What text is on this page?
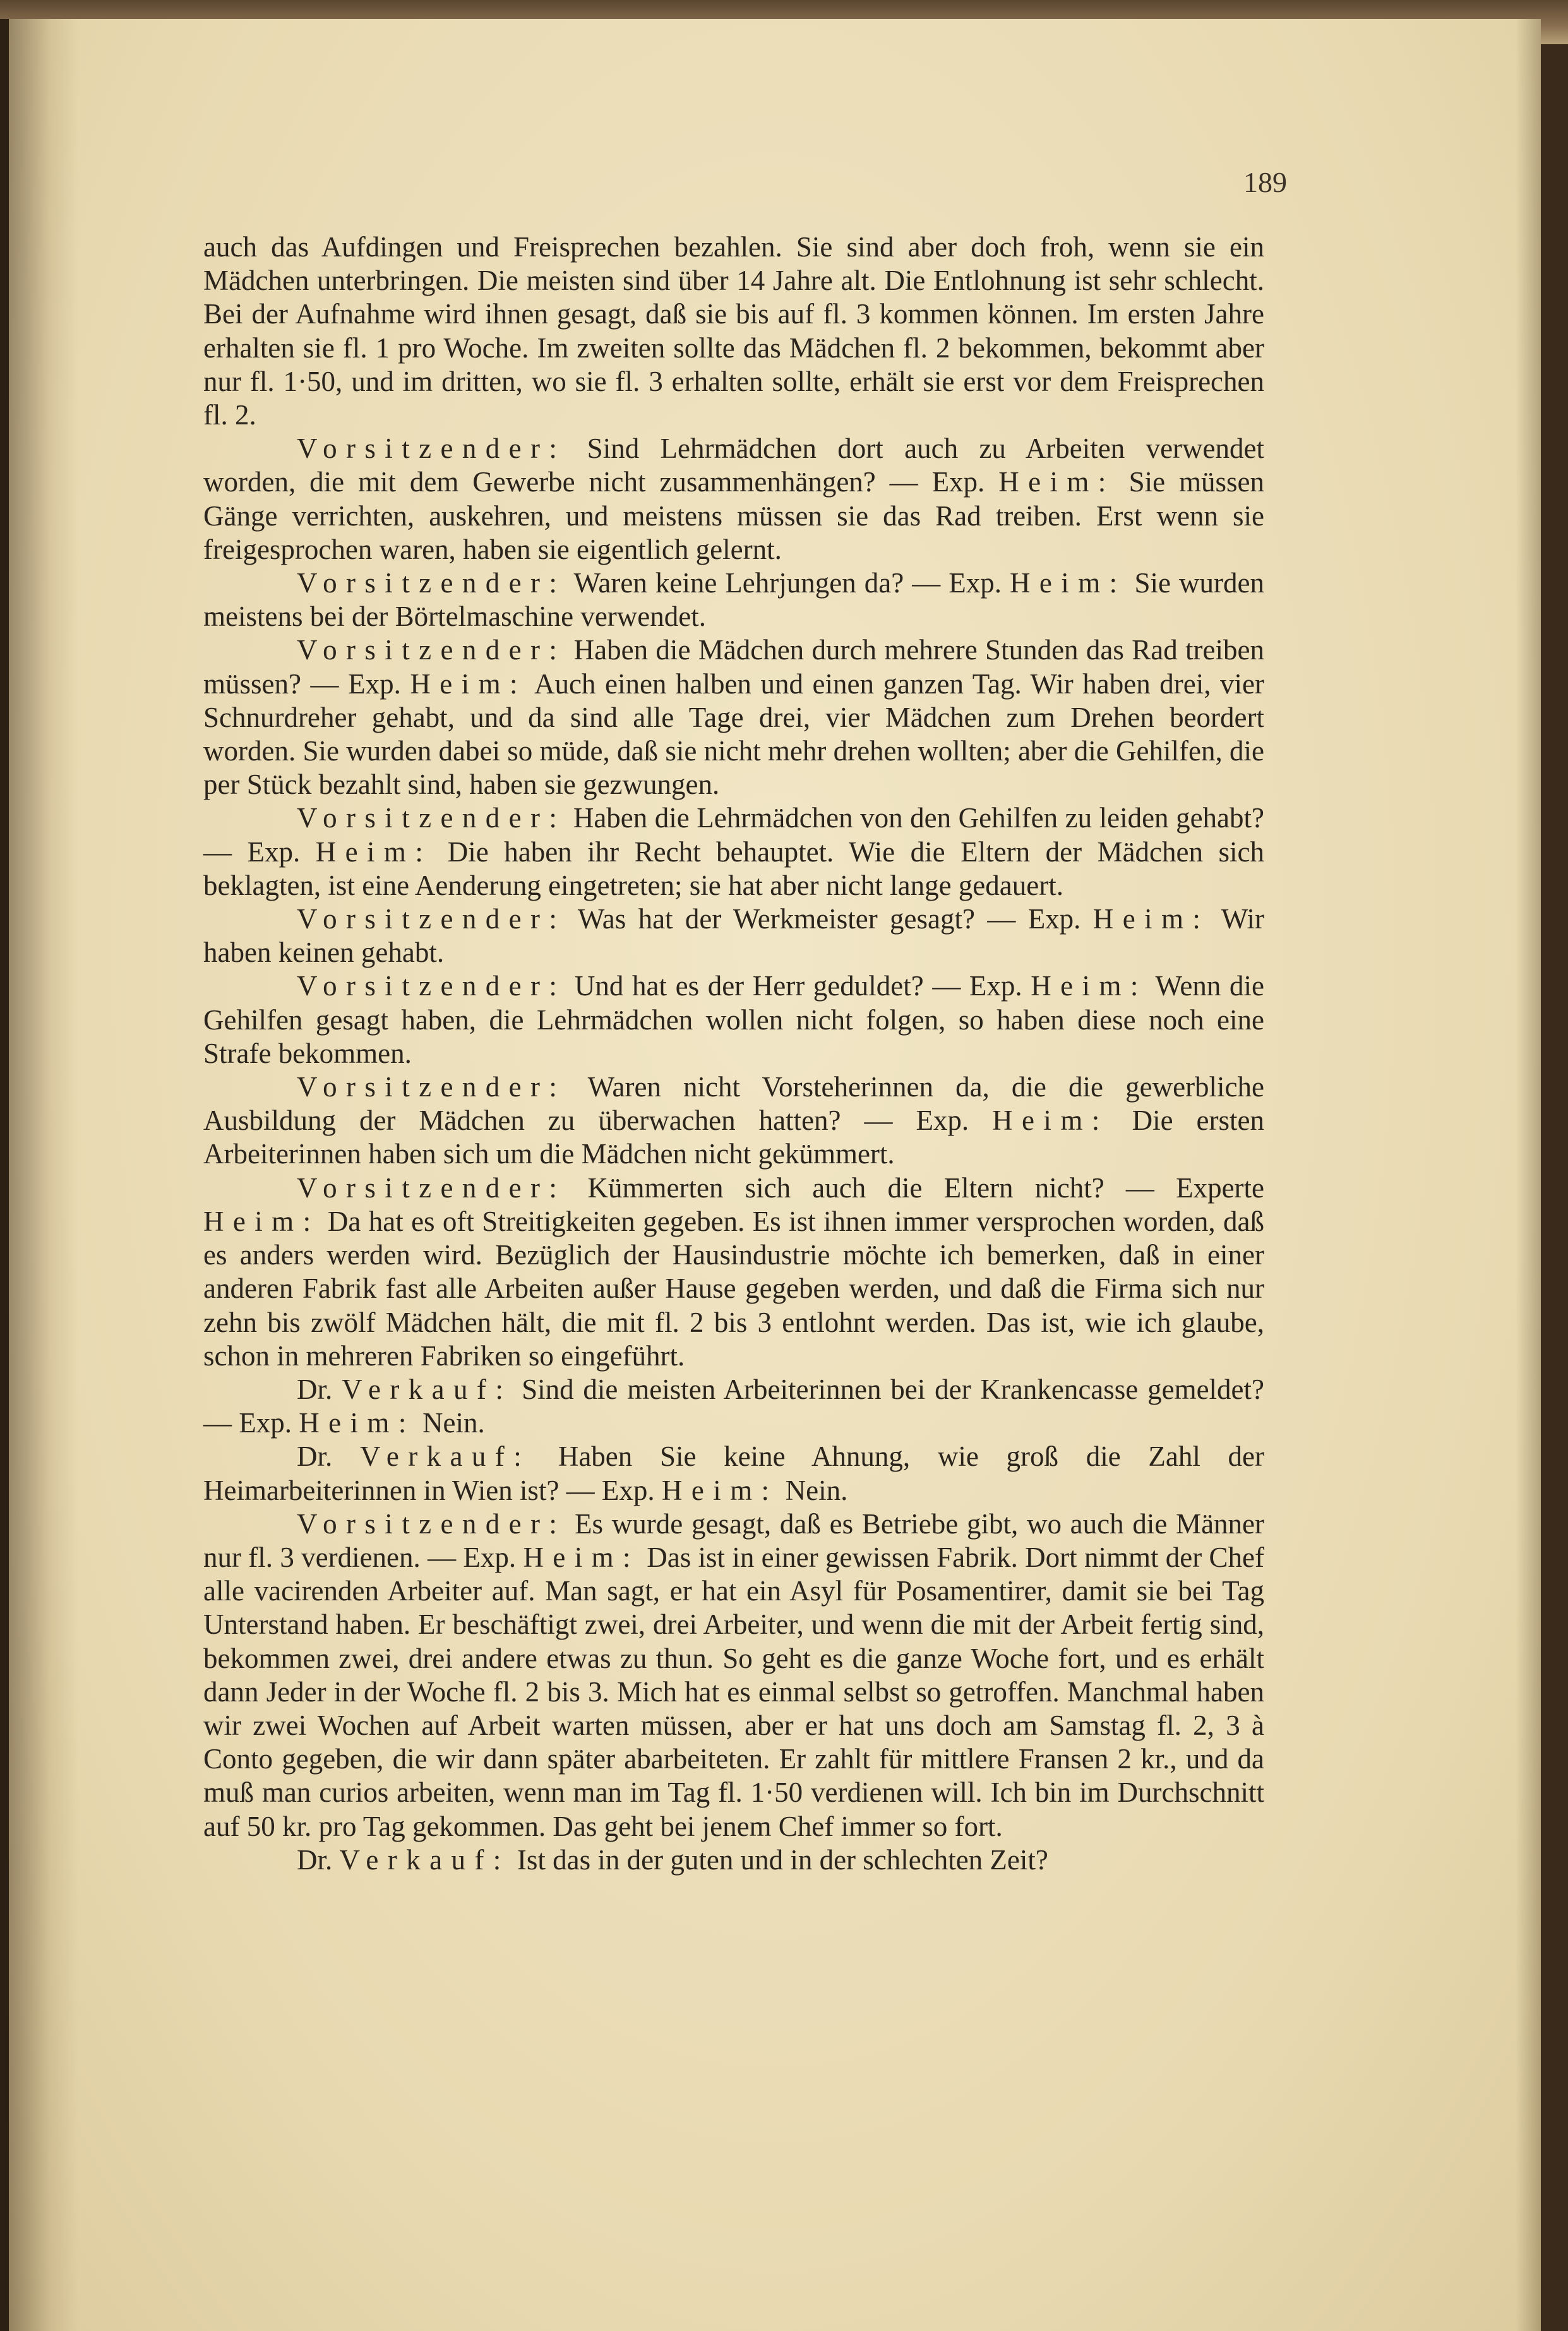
189

auch das Aufdingen und Freisprechen bezahlen. Sie sind aber doch froh, wenn sie ein Mädchen unterbringen. Die meisten sind über 14 Jahre alt. Die Entlohnung ist sehr schlecht. Bei der Aufnahme wird ihnen gesagt, daß sie bis auf fl. 3 kommen können. Im ersten Jahre erhalten sie fl. 1 pro Woche. Im zweiten sollte das Mädchen fl. 2 bekommen, bekommt aber nur fl. 1·50, und im dritten, wo sie fl. 3 erhalten sollte, erhält sie erst vor dem Freisprechen fl. 2.

Vorsitzender: Sind Lehrmädchen dort auch zu Arbeiten verwendet worden, die mit dem Gewerbe nicht zusammenhängen? — Exp. Heim: Sie müssen Gänge verrichten, auskehren, und meistens müssen sie das Rad treiben. Erst wenn sie freigesprochen waren, haben sie eigentlich gelernt.

Vorsitzender: Waren keine Lehrjungen da? — Exp. Heim: Sie wurden meistens bei der Börtelmaschine verwendet.

Vorsitzender: Haben die Mädchen durch mehrere Stunden das Rad treiben müssen? — Exp. Heim: Auch einen halben und einen ganzen Tag. Wir haben drei, vier Schnurdreher gehabt, und da sind alle Tage drei, vier Mädchen zum Drehen beordert worden. Sie wurden dabei so müde, daß sie nicht mehr drehen wollten; aber die Gehilfen, die per Stück bezahlt sind, haben sie gezwungen.

Vorsitzender: Haben die Lehrmädchen von den Gehilfen zu leiden gehabt? — Exp. Heim: Die haben ihr Recht behauptet. Wie die Eltern der Mädchen sich beklagten, ist eine Aenderung eingetreten; sie hat aber nicht lange gedauert.

Vorsitzender: Was hat der Werkmeister gesagt? — Exp. Heim: Wir haben keinen gehabt.

Vorsitzender: Und hat es der Herr geduldet? — Exp. Heim: Wenn die Gehilfen gesagt haben, die Lehrmädchen wollen nicht folgen, so haben diese noch eine Strafe bekommen.

Vorsitzender: Waren nicht Vorsteherinnen da, die die gewerbliche Ausbildung der Mädchen zu überwachen hatten? — Exp. Heim: Die ersten Arbeiterinnen haben sich um die Mädchen nicht gekümmert.

Vorsitzender: Kümmerten sich auch die Eltern nicht? — Experte Heim: Da hat es oft Streitigkeiten gegeben. Es ist ihnen immer versprochen worden, daß es anders werden wird. Bezüglich der Hausindustrie möchte ich bemerken, daß in einer anderen Fabrik fast alle Arbeiten außer Hause gegeben werden, und daß die Firma sich nur zehn bis zwölf Mädchen hält, die mit fl. 2 bis 3 entlohnt werden. Das ist, wie ich glaube, schon in mehreren Fabriken so eingeführt.

Dr. Verkauf: Sind die meisten Arbeiterinnen bei der Krankencasse gemeldet? — Exp. Heim: Nein.

Dr. Verkauf: Haben Sie keine Ahnung, wie groß die Zahl der Heimarbeiterinnen in Wien ist? — Exp. Heim: Nein.

Vorsitzender: Es wurde gesagt, daß es Betriebe gibt, wo auch die Männer nur fl. 3 verdienen. — Exp. Heim: Das ist in einer gewissen Fabrik. Dort nimmt der Chef alle vacirenden Arbeiter auf. Man sagt, er hat ein Asyl für Posamentirer, damit sie bei Tag Unterstand haben. Er beschäftigt zwei, drei Arbeiter, und wenn die mit der Arbeit fertig sind, bekommen zwei, drei andere etwas zu thun. So geht es die ganze Woche fort, und es erhält dann Jeder in der Woche fl. 2 bis 3. Mich hat es einmal selbst so getroffen. Manchmal haben wir zwei Wochen auf Arbeit warten müssen, aber er hat uns doch am Samstag fl. 2, 3 à Conto gegeben, die wir dann später abarbeiteten. Er zahlt für mittlere Fransen 2 kr., und da muß man curios arbeiten, wenn man im Tag fl. 1·50 verdienen will. Ich bin im Durchschnitt auf 50 kr. pro Tag gekommen. Das geht bei jenem Chef immer so fort.

Dr. Verkauf: Ist das in der guten und in der schlechten Zeit?
